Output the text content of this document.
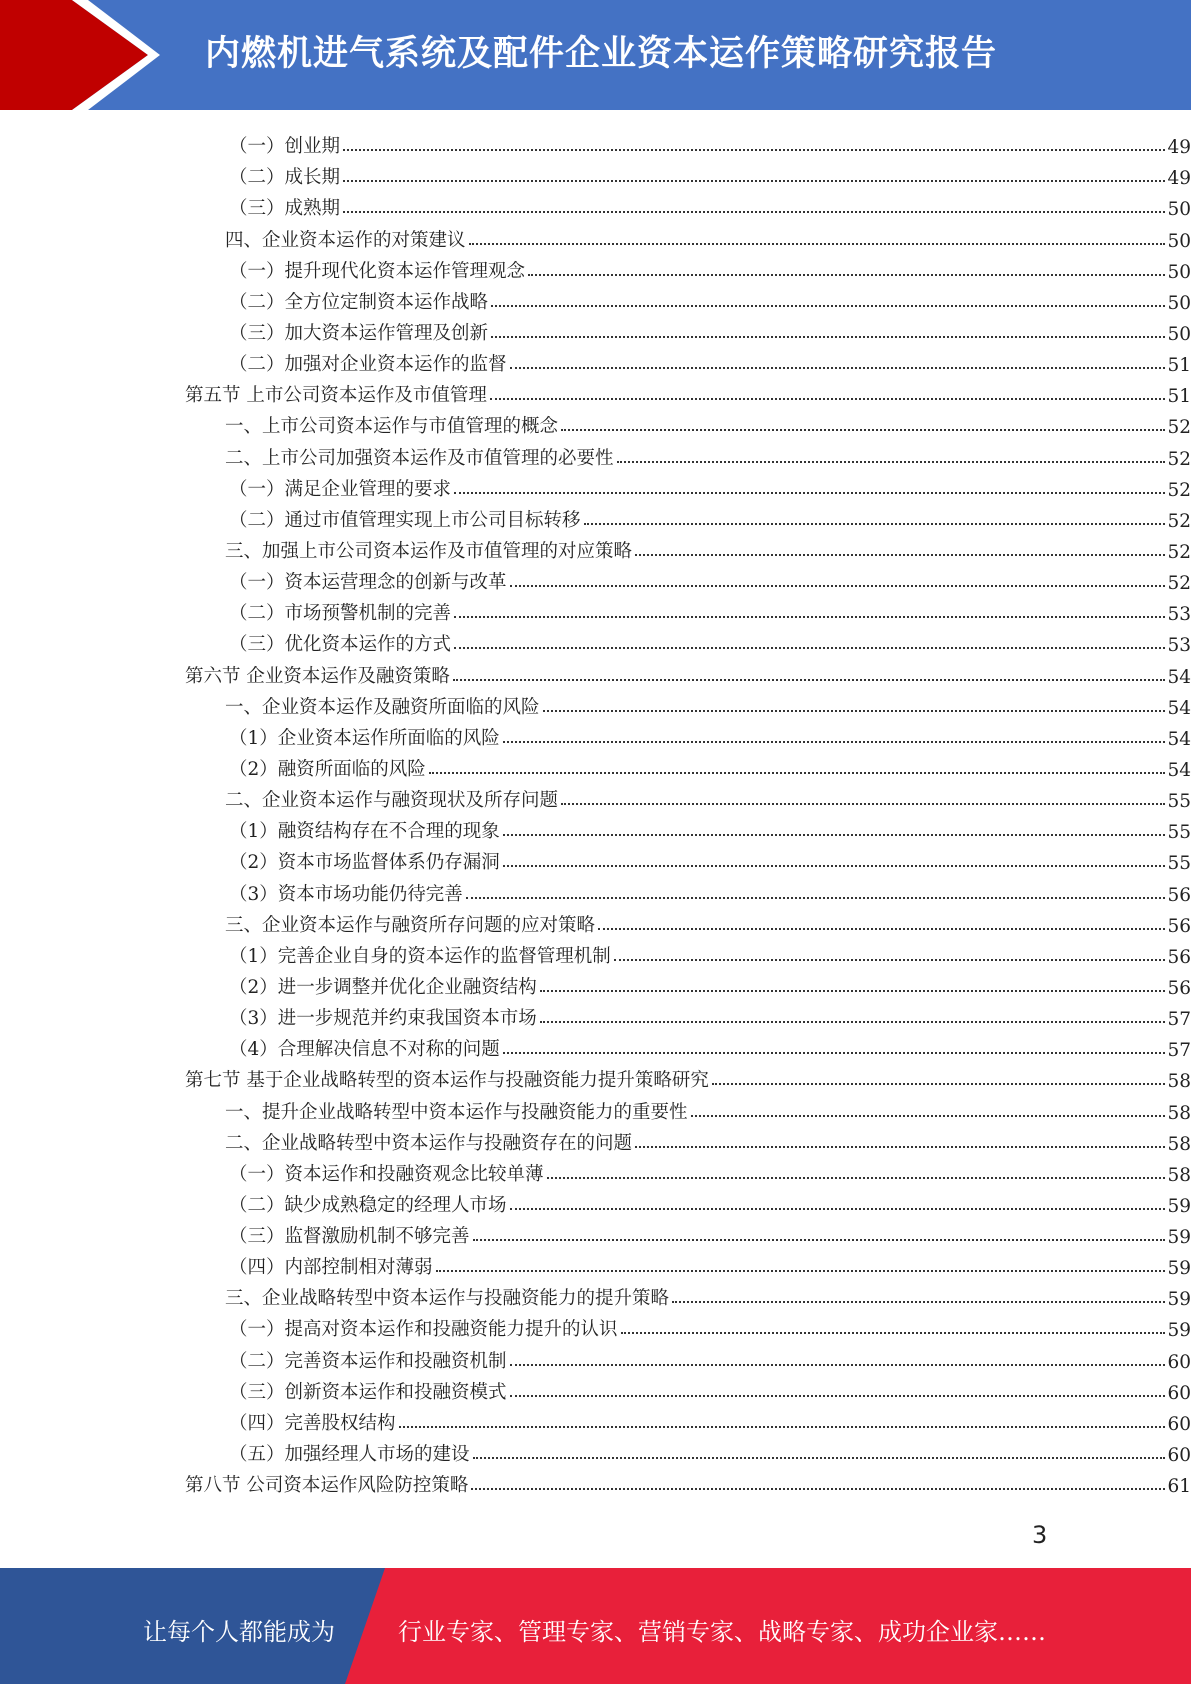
内燃机进气系统及配件企业资本运作策略研究报告
（一）创业期	49
（二）成长期	49
（三）成熟期	50
四、企业资本运作的对策建议	50
（一）提升现代化资本运作管理观念	50
（二）全方位定制资本运作战略	50
（三）加大资本运作管理及创新	50
（二）加强对企业资本运作的监督	51
第五节 上市公司资本运作及市值管理	51
一、上市公司资本运作与市值管理的概念	52
二、上市公司加强资本运作及市值管理的必要性	52
（一）满足企业管理的要求	52
（二）通过市值管理实现上市公司目标转移	52
三、加强上市公司资本运作及市值管理的对应策略	52
（一）资本运营理念的创新与改革	52
（二）市场预警机制的完善	53
（三）优化资本运作的方式	53
第六节 企业资本运作及融资策略	54
一、企业资本运作及融资所面临的风险	54
（1）企业资本运作所面临的风险	54
（2）融资所面临的风险	54
二、企业资本运作与融资现状及所存问题	55
（1）融资结构存在不合理的现象	55
（2）资本市场监督体系仍存漏洞	55
（3）资本市场功能仍待完善	56
三、企业资本运作与融资所存问题的应对策略	56
（1）完善企业自身的资本运作的监督管理机制	56
（2）进一步调整并优化企业融资结构	56
（3）进一步规范并约束我国资本市场	57
（4）合理解决信息不对称的问题	57
第七节 基于企业战略转型的资本运作与投融资能力提升策略研究	58
一、提升企业战略转型中资本运作与投融资能力的重要性	58
二、企业战略转型中资本运作与投融资存在的问题	58
（一）资本运作和投融资观念比较单薄	58
（二）缺少成熟稳定的经理人市场	59
（三）监督激励机制不够完善	59
（四）内部控制相对薄弱	59
三、企业战略转型中资本运作与投融资能力的提升策略	59
（一）提高对资本运作和投融资能力提升的认识	59
（二）完善资本运作和投融资机制	60
（三）创新资本运作和投融资模式	60
（四）完善股权结构	60
（五）加强经理人市场的建设	60
第八节 公司资本运作风险防控策略	61
3
让每个人都能成为	行业专家、管理专家、营销专家、战略专家、成功企业家……
